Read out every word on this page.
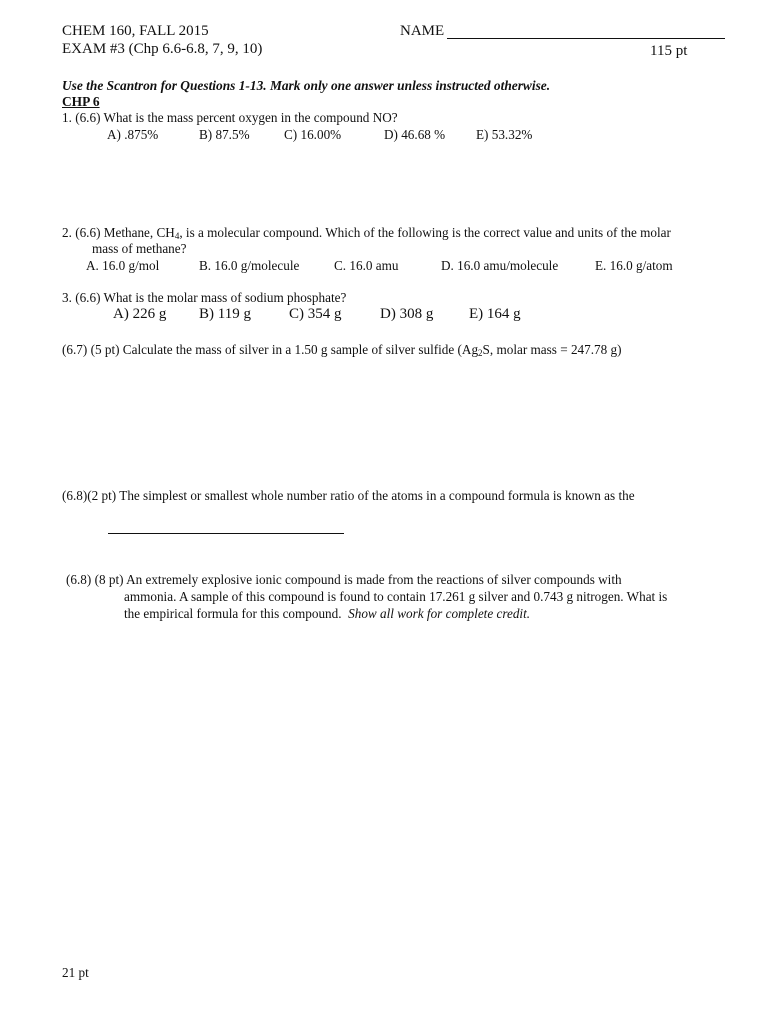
CHEM 160, FALL 2015
EXAM #3 (Chp 6.6-6.8, 7, 9, 10)
NAME
115 pt
Use the Scantron for Questions 1-13. Mark only one answer unless instructed otherwise.
CHP 6
1. (6.6) What is the mass percent oxygen in the compound NO?
A) .875%	B) 87.5%	C) 16.00%	D) 46.68 % E) 53.32%
2. (6.6) Methane, $CH_4$, is a molecular compound. Which of the following is the correct value and units of the molar
mass of methane?
A. 16.0 g/mol	B. 16.0 g/molecule	C. 16.0 amu	D. 16.0 amu/molecule	E. 16.0 g/atom
3. (6.6) What is the molar mass of sodium phosphate?
A) 226 g B) 119 g	C) 354 g	D) 308 g E) 164 g
(6.7) (5 pt) Calculate the mass of silver in a 1.50 g sample of silver sulfide ($Ag_2S$, molar mass = 247.78 g)
(6.8)(2 pt) The simplest or smallest whole number ratio of the atoms in a compound formula is known as the
(6.8) (8 pt) An extremely explosive ionic compound is made from the reactions of silver compounds with
ammonia. A sample of this compound is found to contain 17.261 g silver and 0.743 g nitrogen. What is
the empirical formula for this compound. Show all work for complete credit.
21 pt
